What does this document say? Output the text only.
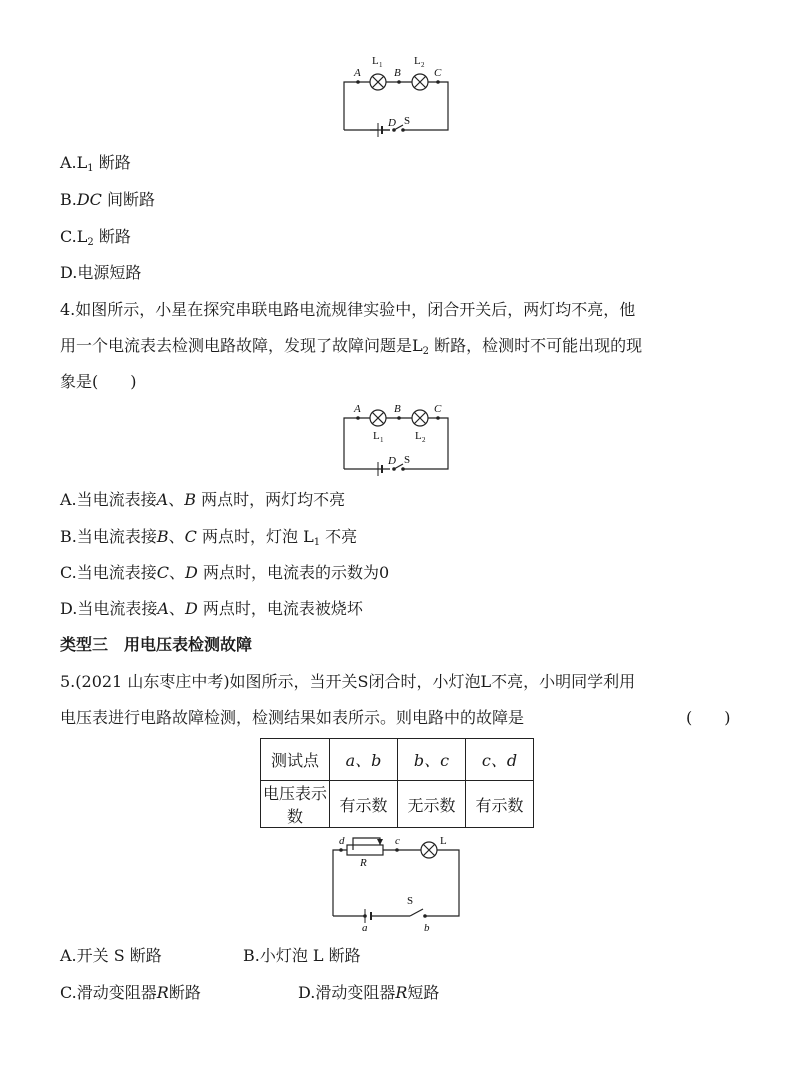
A	B	C
D
L 1	L 2
S
$A.L_1$ 断路
B.DC 间断路
$C.L_2$ 断路
D.电源短路
4.如图所示，小星在探究串联电路电流规律实验中，闭合开关后，两灯均不亮，他
用一个电流表去检测电路故障，发现了故障问题是$L_2$ 断路，检测时不可能出现的现
象是(　　)
A	B	C
D
L 1	L 2
S
A.当电流表接A、B 两点时，两灯均不亮
B.当电流表接B、C 两点时，灯泡 $L_1$ 不亮
C.当电流表接C、D 两点时，电流表的示数为0
D.当电流表接A、D 两点时，电流表被烧坏
类型三　用电压表检测故障
5.(2021 山东枣庄中考)如图所示，当开关S闭合时，小灯泡L不亮，小明同学利用
电压表进行电路故障检测，检测结果如表所示。则电路中的故障是	(　　)
测试点	a、b	b、c	c、d
电压表示数	有示数	无示数	有示数
d	c
R
L
S
a	b
A.开关 S 断路	B.小灯泡 L 断路
C.滑动变阻器R断路	D.滑动变阻器R短路
